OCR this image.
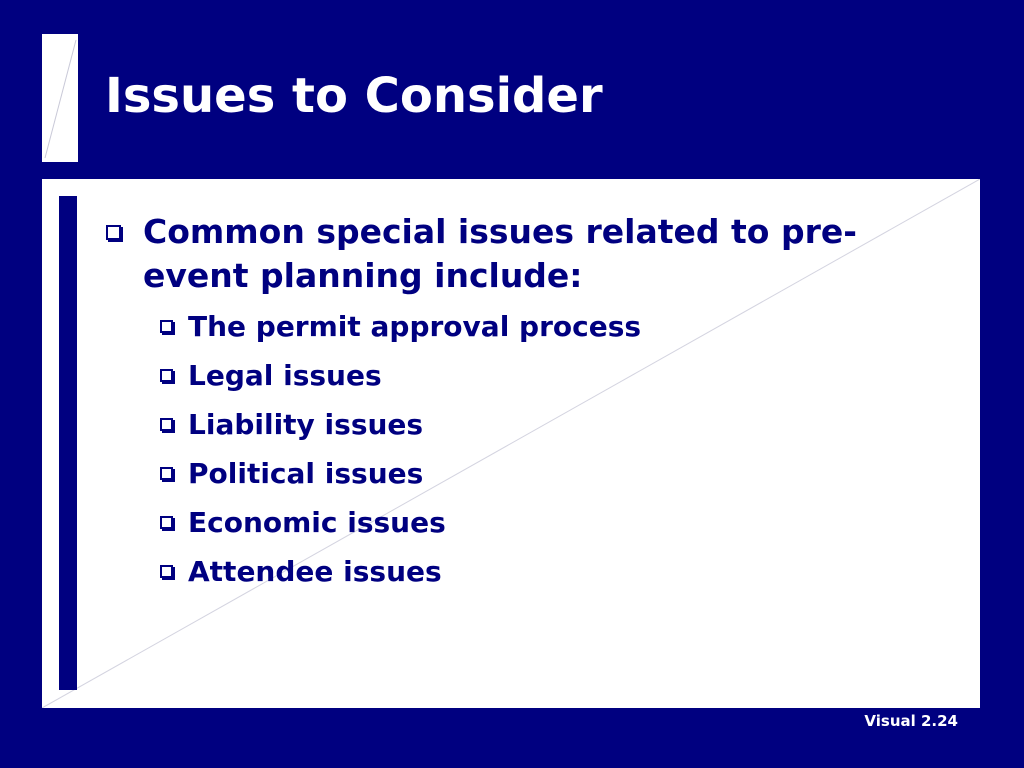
Issues to Consider
Common special issues related to pre-event planning include:
The permit approval process
Legal issues
Liability issues
Political issues
Economic issues
Attendee issues
Visual 2.24
